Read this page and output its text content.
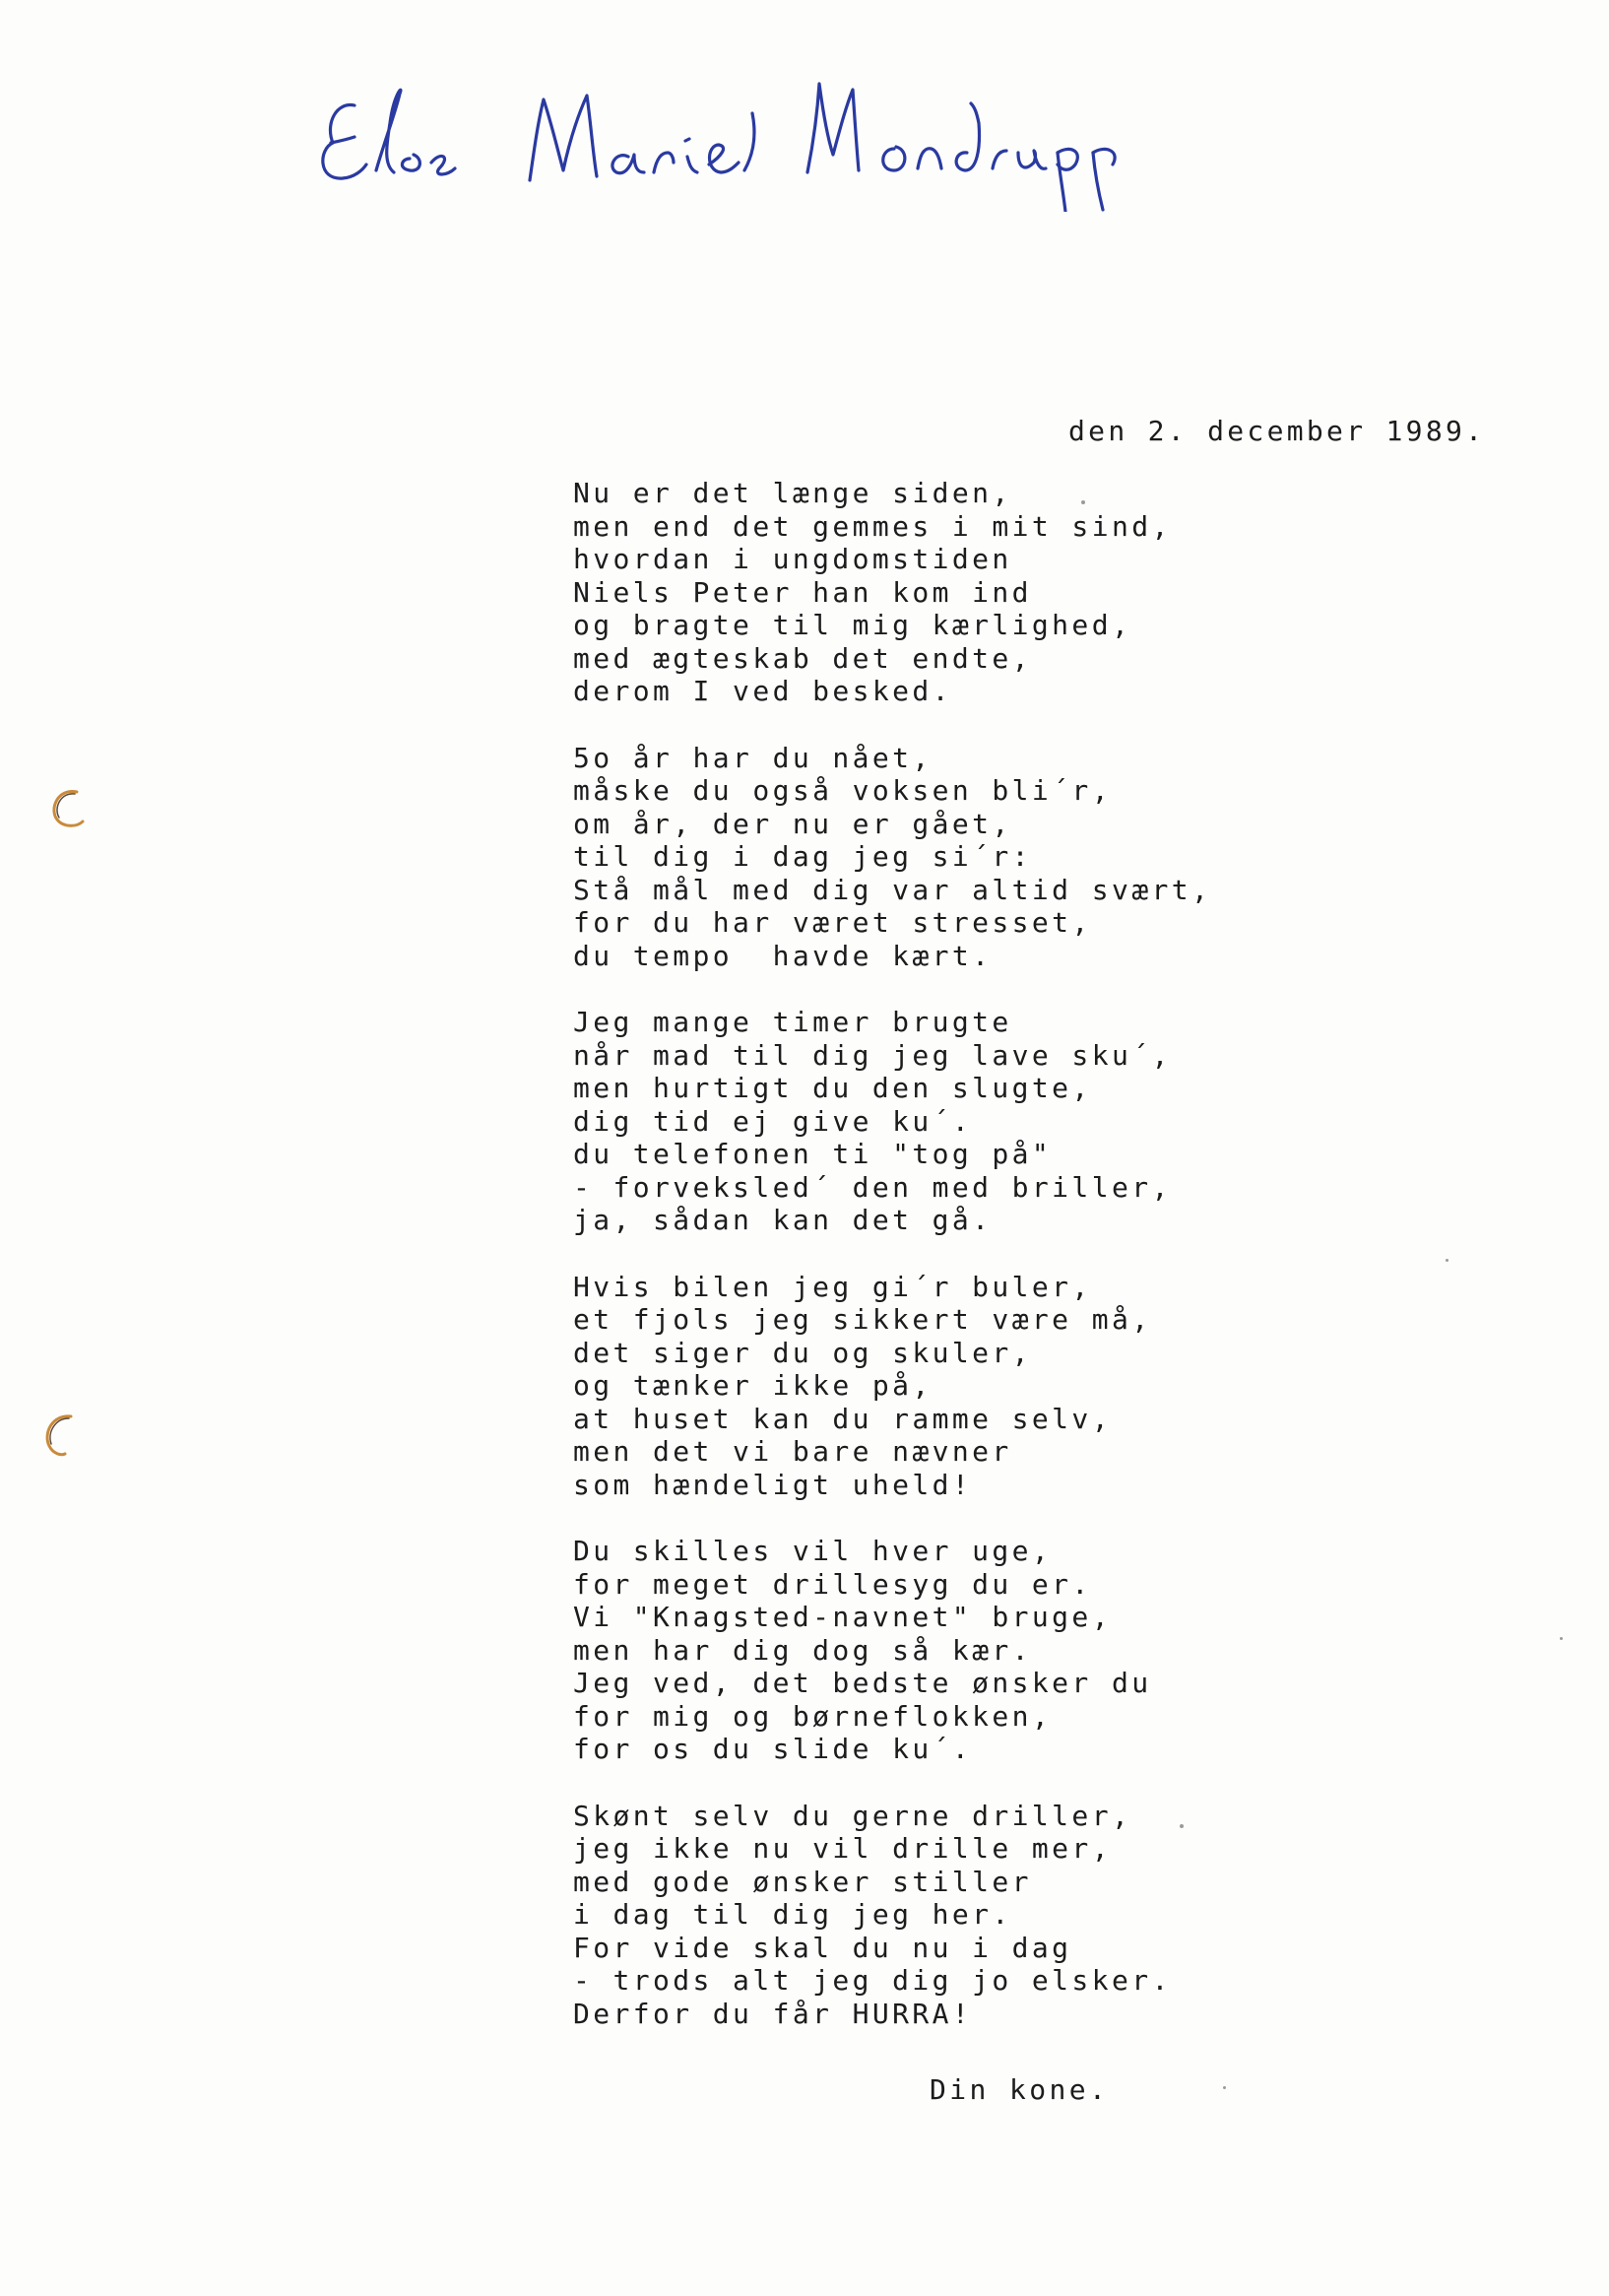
den 2. december 1989.
Nu er det længe siden,
men end det gemmes i mit sind,
hvordan i ungdomstiden
Niels Peter han kom ind
og bragte til mig kærlighed,
med ægteskab det endte,
derom I ved besked.
5o år har du nået,
måske du også voksen bli´r,
om år, der nu er gået,
til dig i dag jeg si´r:
Stå mål med dig var altid svært,
for du har været stresset,
du tempo  havde kært.
Jeg mange timer brugte
når mad til dig jeg lave sku´,
men hurtigt du den slugte,
dig tid ej give ku´.
du telefonen ti "tog på"
- forveksled´ den med briller,
ja, sådan kan det gå.
Hvis bilen jeg gi´r buler,
et fjols jeg sikkert være må,
det siger du og skuler,
og tænker ikke på,
at huset kan du ramme selv,
men det vi bare nævner
som hændeligt uheld!
Du skilles vil hver uge,
for meget drillesyg du er.
Vi "Knagsted-navnet" bruge,
men har dig dog så kær.
Jeg ved, det bedste ønsker du
for mig og børneflokken,
for os du slide ku´.
Skønt selv du gerne driller,
jeg ikke nu vil drille mer,
med gode ønsker stiller
i dag til dig jeg her.
For vide skal du nu i dag
- trods alt jeg dig jo elsker.
Derfor du får HURRA!
Din kone.
